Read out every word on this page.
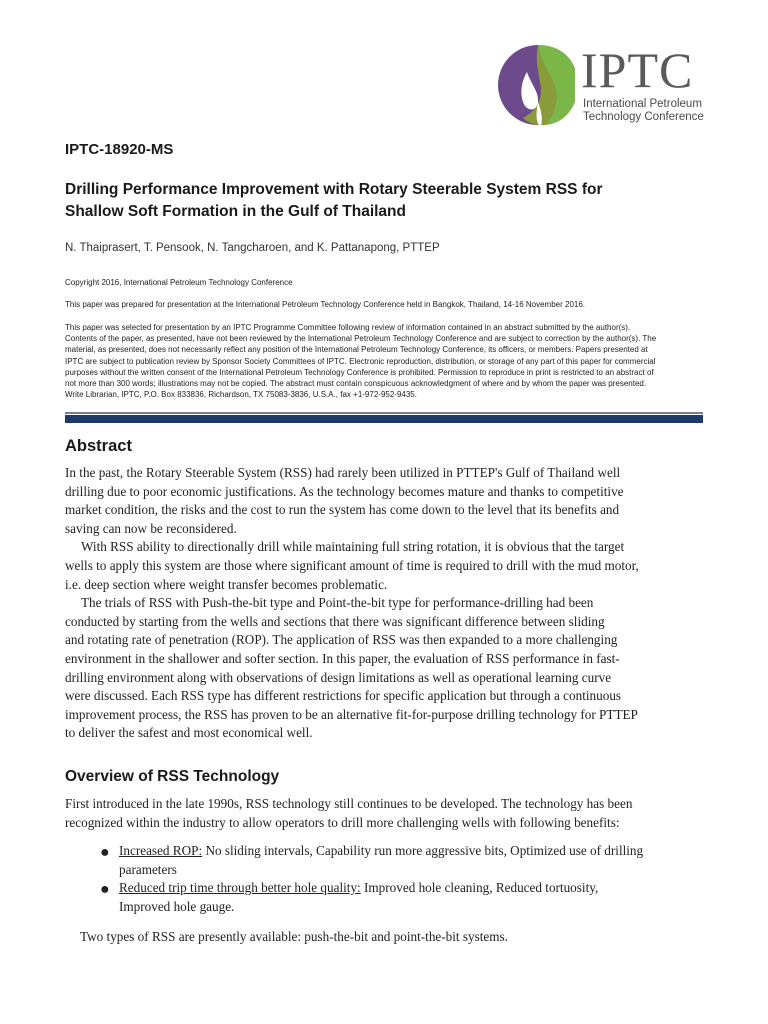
IPTC
International Petroleum
Technology Conference
IPTC-18920-MS
Drilling Performance Improvement with Rotary Steerable System RSS for
Shallow Soft Formation in the Gulf of Thailand
N. Thaiprasert, T. Pensook, N. Tangcharoen, and K. Pattanapong, PTTEP
Copyright 2016, International Petroleum Technology Conference
This paper was prepared for presentation at the International Petroleum Technology Conference held in Bangkok, Thailand, 14-16 November 2016.
This paper was selected for presentation by an IPTC Programme Committee following review of information contained in an abstract submitted by the author(s).
Contents of the paper, as presented, have not been reviewed by the International Petroleum Technology Conference and are subject to correction by the author(s). The
material, as presented, does not necessarily reflect any position of the International Petroleum Technology Conference, its officers, or members. Papers presented at
IPTC are subject to publication review by Sponsor Society Committees of IPTC. Electronic reproduction, distribution, or storage of any part of this paper for commercial
purposes without the written consent of the International Petroleum Technology Conference is prohibited. Permission to reproduce in print is restricted to an abstract of
not more than 300 words; illustrations may not be copied. The abstract must contain conspicuous acknowledgment of where and by whom the paper was presented.
Write Librarian, IPTC, P.O. Box 833836, Richardson, TX 75083-3836, U.S.A., fax +1-972-952-9435.
Abstract
In the past, the Rotary Steerable System (RSS) had rarely been utilized in PTTEP's Gulf of Thailand well
drilling due to poor economic justifications. As the technology becomes mature and thanks to competitive
market condition, the risks and the cost to run the system has come down to the level that its benefits and
saving can now be reconsidered.
With RSS ability to directionally drill while maintaining full string rotation, it is obvious that the target
wells to apply this system are those where significant amount of time is required to drill with the mud motor,
i.e. deep section where weight transfer becomes problematic.
The trials of RSS with Push-the-bit type and Point-the-bit type for performance-drilling had been
conducted by starting from the wells and sections that there was significant difference between sliding
and rotating rate of penetration (ROP). The application of RSS was then expanded to a more challenging
environment in the shallower and softer section. In this paper, the evaluation of RSS performance in fast-
drilling environment along with observations of design limitations as well as operational learning curve
were discussed. Each RSS type has different restrictions for specific application but through a continuous
improvement process, the RSS has proven to be an alternative fit-for-purpose drilling technology for PTTEP
to deliver the safest and most economical well.
Overview of RSS Technology
First introduced in the late 1990s, RSS technology still continues to be developed. The technology has been
recognized within the industry to allow operators to drill more challenging wells with following benefits:
● Increased ROP: No sliding intervals, Capability run more aggressive bits, Optimized use of drilling
parameters
● Reduced trip time through better hole quality: Improved hole cleaning, Reduced tortuosity,
Improved hole gauge.
Two types of RSS are presently available: push-the-bit and point-the-bit systems.
